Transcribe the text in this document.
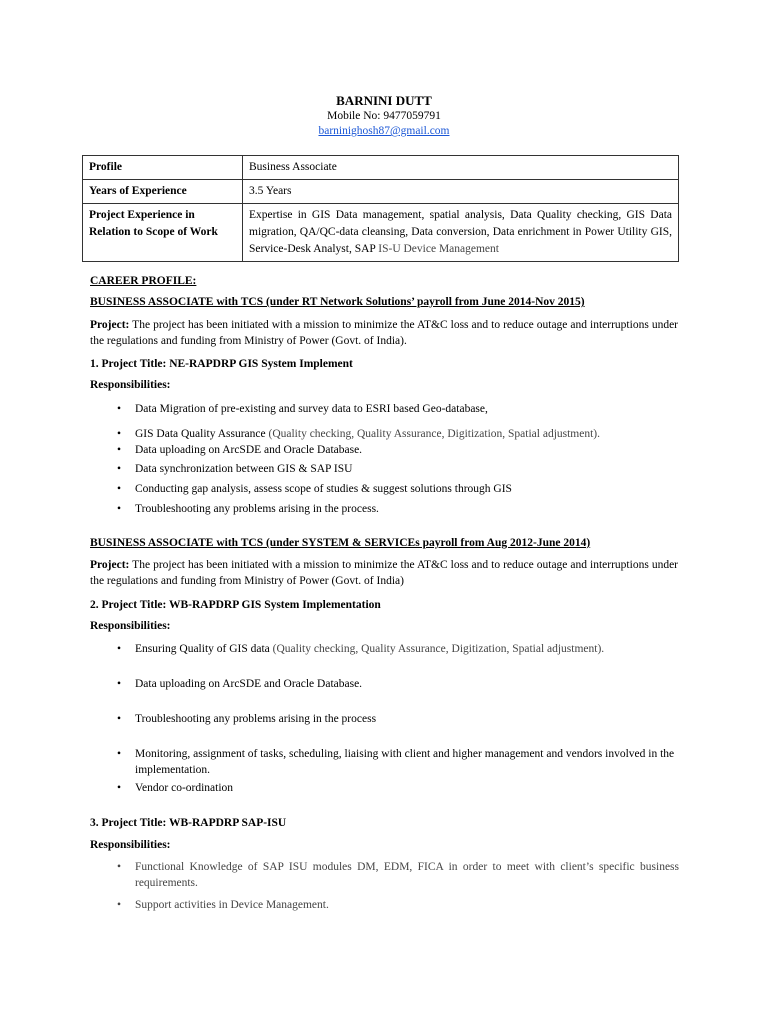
BARNINI DUTT
Mobile No: 9477059791
barninighosh87@gmail.com
Profile	Business Associate
Years of Experience	3.5 Years
Project Experience in Relation to Scope of Work	Expertise in GIS Data management, spatial analysis, Data Quality checking, GIS Data migration, QA/QC-data cleansing, Data conversion, Data enrichment in Power Utility GIS, Service-Desk Analyst, SAP IS-U Device Management
CAREER PROFILE:
BUSINESS ASSOCIATE with TCS (under RT Network Solutions’ payroll from June 2014-Nov 2015)
Project: The project has been initiated with a mission to minimize the AT&C loss and to reduce outage and interruptions under the regulations and funding from Ministry of Power (Govt. of India).
1. Project Title: NE-RAPDRP GIS System Implement
Responsibilities:
• Data Migration of pre-existing and survey data to ESRI based Geo-database,
• GIS Data Quality Assurance (Quality checking, Quality Assurance, Digitization, Spatial adjustment).
• Data uploading on ArcSDE and Oracle Database.
• Data synchronization between GIS & SAP ISU
• Conducting gap analysis, assess scope of studies & suggest solutions through GIS
• Troubleshooting any problems arising in the process.
BUSINESS ASSOCIATE with TCS (under SYSTEM & SERVICEs payroll from Aug 2012-June 2014)
Project: The project has been initiated with a mission to minimize the AT&C loss and to reduce outage and interruptions under the regulations and funding from Ministry of Power (Govt. of India)
2. Project Title: WB-RAPDRP GIS System Implementation
Responsibilities:
• Ensuring Quality of GIS data (Quality checking, Quality Assurance, Digitization, Spatial adjustment).
• Data uploading on ArcSDE and Oracle Database.
• Troubleshooting any problems arising in the process
• Monitoring, assignment of tasks, scheduling, liaising with client and higher management and vendors involved in the implementation.
• Vendor co-ordination
3. Project Title: WB-RAPDRP SAP-ISU
Responsibilities:
• Functional Knowledge of SAP ISU modules DM, EDM, FICA in order to meet with client’s specific business requirements.
• Support activities in Device Management.
